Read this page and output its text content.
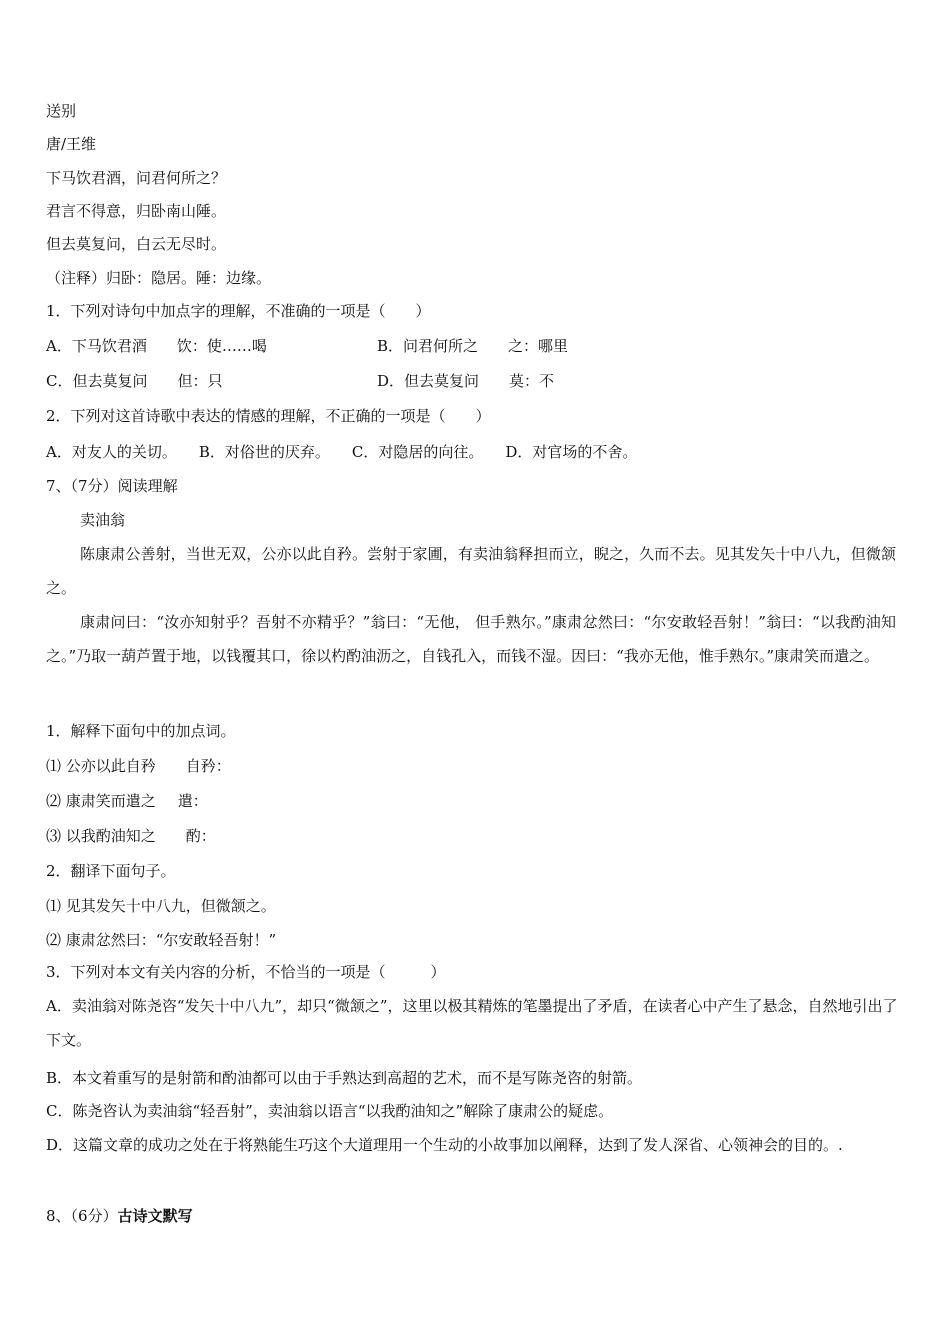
送别
唐/王维
下马饮君酒，问君何所之？
君言不得意，归卧南山陲。
但去莫复问，白云无尽时。
（注释）归卧：隐居。陲：边缘。
1．下列对诗句中加点字的理解，不准确的一项是（　　）
A．下马饮君酒 饮：使……喝	B．问君何所之 之：哪里
C．但去莫复问 但：只	D．但去莫复问 莫：不
2．下列对这首诗歌中表达的情感的理解，不正确的一项是（　　）
A．对友人的关切。 B．对俗世的厌弃。 C．对隐居的向往。 D．对官场的不舍。
7、（7分）阅读理解
卖油翁
陈康肃公善射，当世无双，公亦以此自矜。尝射于家圃，有卖油翁释担而立，睨之，久而不去。见其发矢十中八九，但微颔之。
康肃问曰：“汝亦知射乎？吾射不亦精乎？”翁曰：“无他， 但手熟尔。”康肃忿然曰：“尔安敢轻吾射！”翁曰：“以我酌油知之。”乃取一葫芦置于地，以钱覆其口，徐以杓酌油沥之，自钱孔入，而钱不湿。因曰：“我亦无他，惟手熟尔。”康肃笑而遣之。
1．解释下面句中的加点词。
⑴ 公亦以此自矜 自矜：
⑵ 康肃笑而遣之 遣：
⑶ 以我酌油知之 酌：
2．翻译下面句子。
⑴ 见其发矢十中八九，但微颔之。
⑵ 康肃忿然曰：“尔安敢轻吾射！”
3．下列对本文有关内容的分析，不恰当的一项是（　　　）
A．卖油翁对陈尧咨“发矢十中八九”，却只“微颔之”，这里以极其精炼的笔墨提出了矛盾，在读者心中产生了悬念，自然地引出了下文。
B．本文着重写的是射箭和酌油都可以由于手熟达到高超的艺术，而不是写陈尧咨的射箭。
C．陈尧咨认为卖油翁“轻吾射”，卖油翁以语言“以我酌油知之”解除了康肃公的疑虑。
D．这篇文章的成功之处在于将熟能生巧这个大道理用一个生动的小故事加以阐释，达到了发人深省、心领神会的目的。.
8、（6分）古诗文默写
